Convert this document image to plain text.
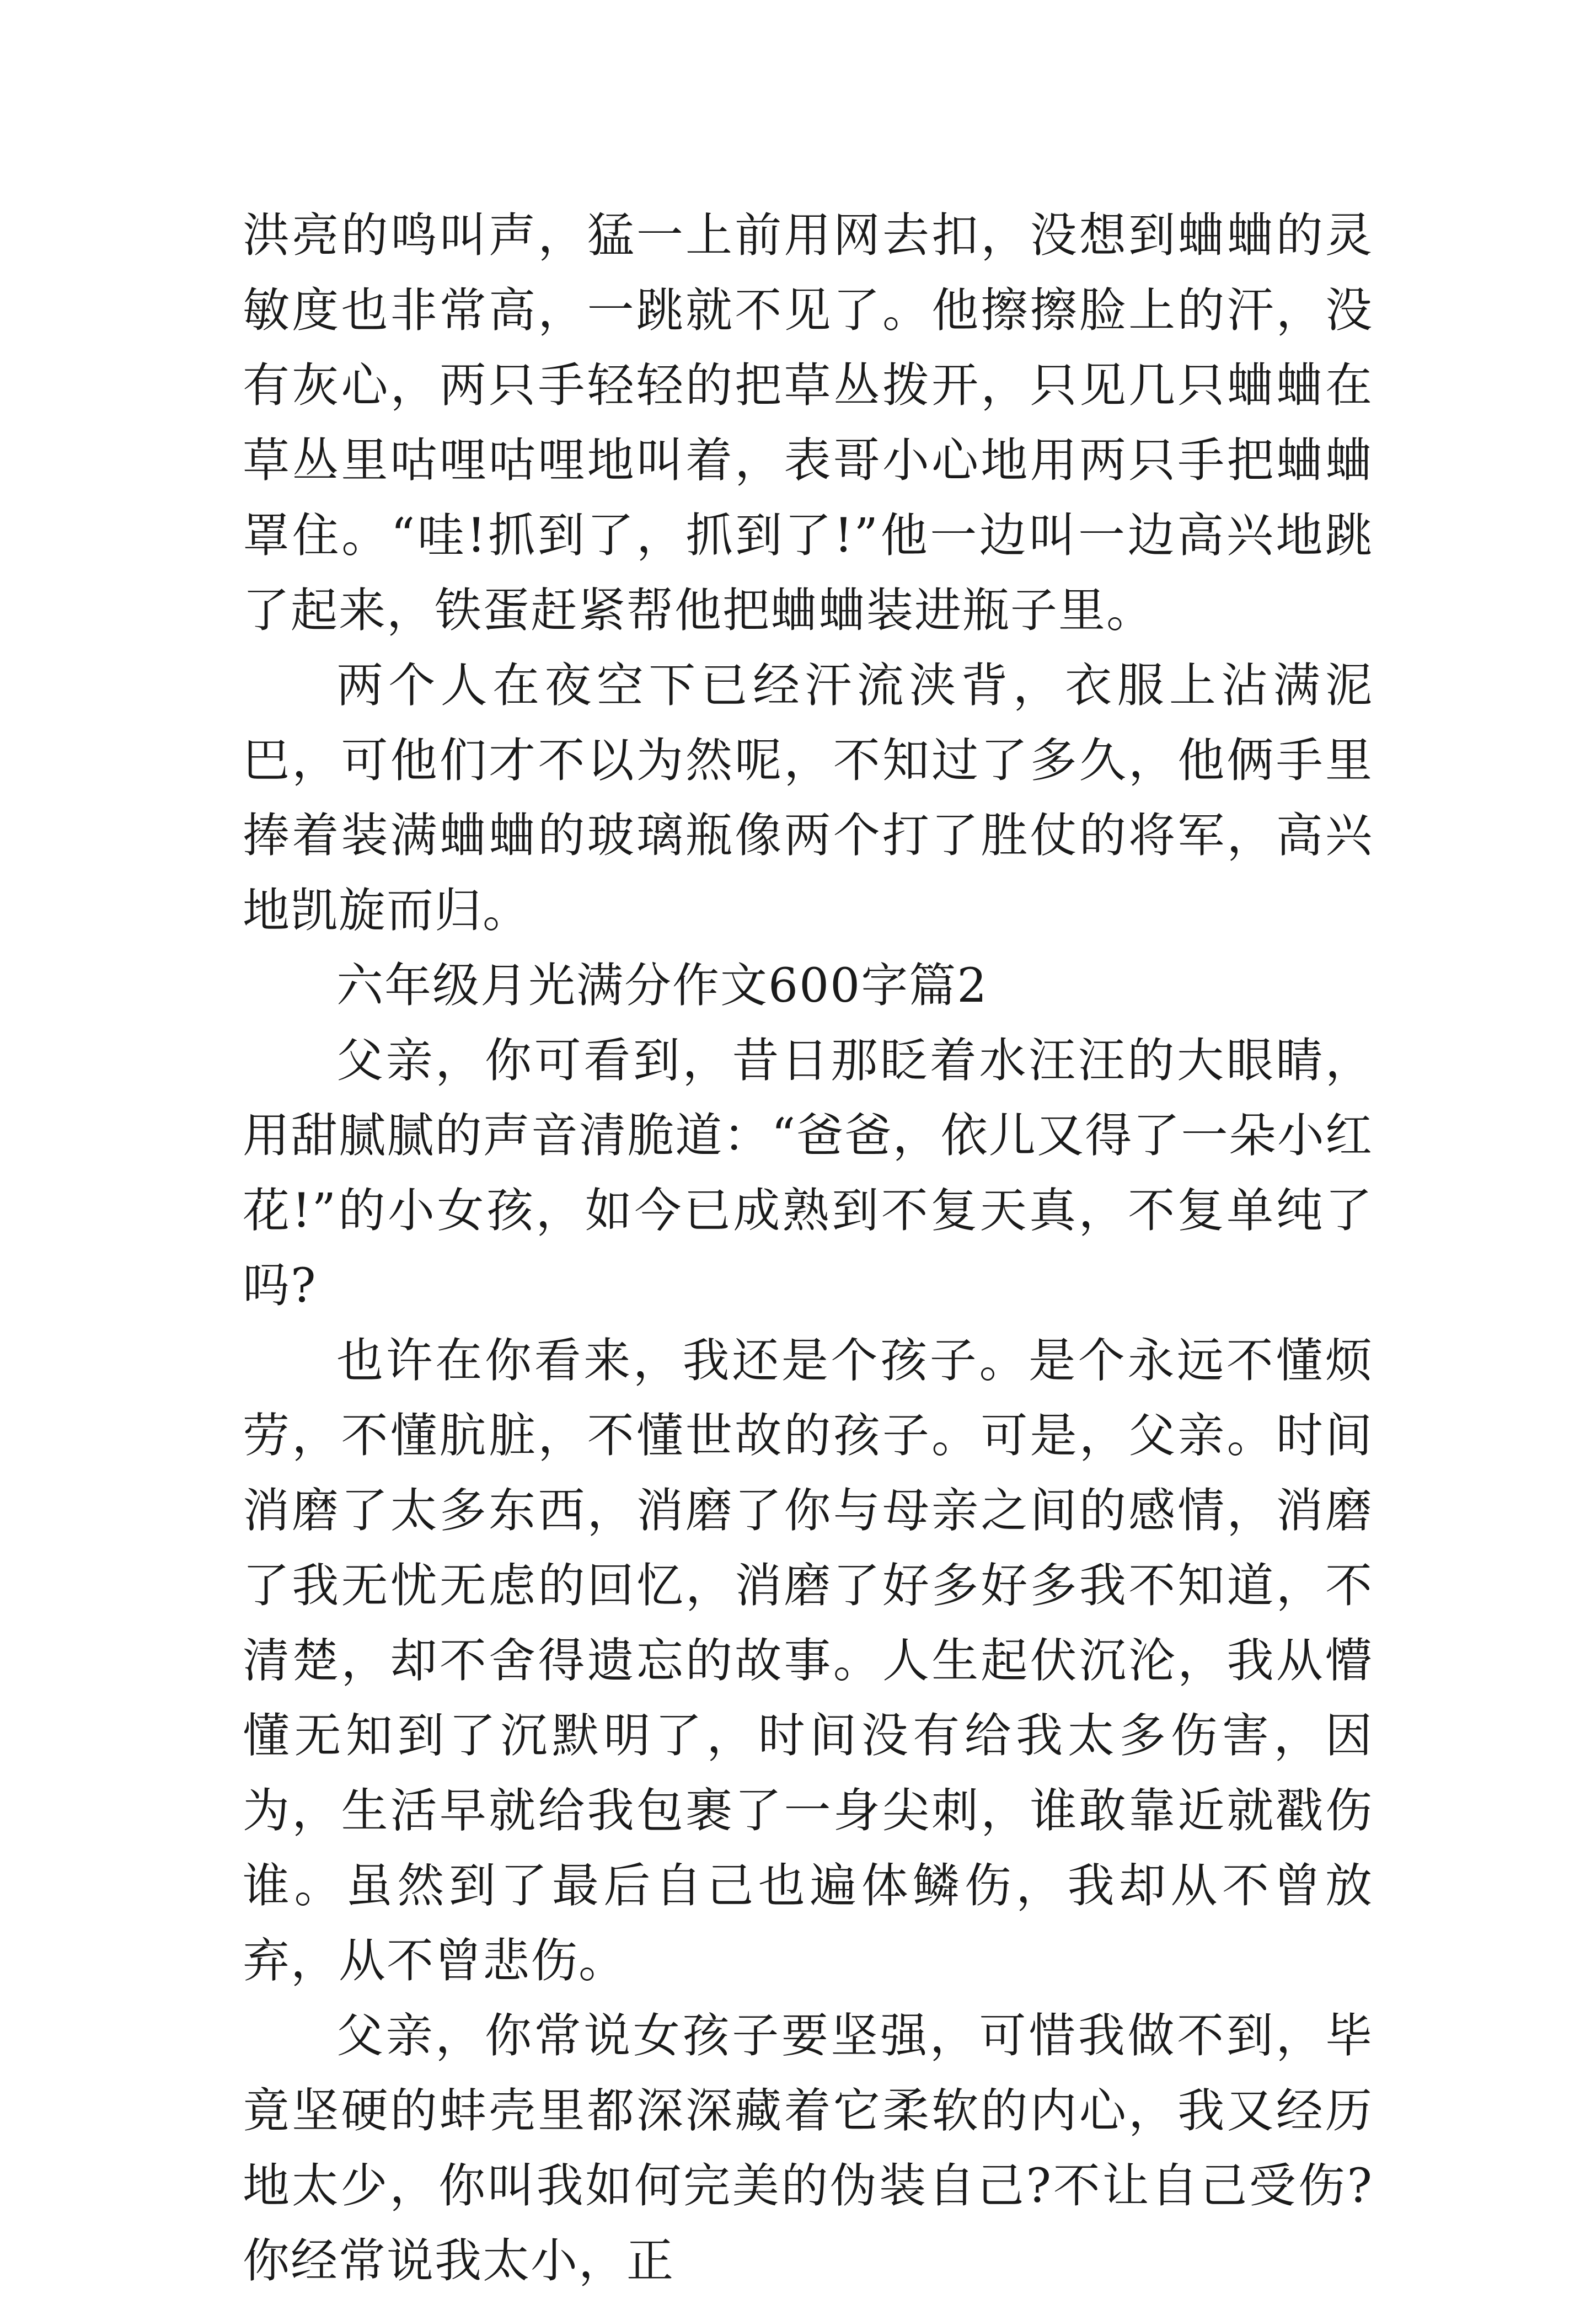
洪亮的鸣叫声，猛一上前用网去扣，没想到蛐蛐的灵敏度也非常高，一跳就不见了。他擦擦脸上的汗，没有灰心，两只手轻轻的把草丛拨开，只见几只蛐蛐在草丛里咕哩咕哩地叫着，表哥小心地用两只手把蛐蛐罩住。“哇!抓到了，抓到了!”他一边叫一边高兴地跳了起来，铁蛋赶紧帮他把蛐蛐装进瓶子里。

两个人在夜空下已经汗流浃背，衣服上沾满泥巴，可他们才不以为然呢，不知过了多久，他俩手里捧着装满蛐蛐的玻璃瓶像两个打了胜仗的将军，高兴地凯旋而归。

六年级月光满分作文600字篇2

父亲，你可看到，昔日那眨着水汪汪的大眼睛，用甜腻腻的声音清脆道：“爸爸，依儿又得了一朵小红花!”的小女孩，如今已成熟到不复天真，不复单纯了吗?

也许在你看来，我还是个孩子。是个永远不懂烦劳，不懂肮脏，不懂世故的孩子。可是，父亲。时间消磨了太多东西，消磨了你与母亲之间的感情，消磨了我无忧无虑的回忆，消磨了好多好多我不知道，不清楚，却不舍得遗忘的故事。人生起伏沉沦，我从懵懂无知到了沉默明了，时间没有给我太多伤害，因为，生活早就给我包裹了一身尖刺，谁敢靠近就戳伤谁。虽然到了最后自己也遍体鳞伤，我却从不曾放弃，从不曾悲伤。

父亲，你常说女孩子要坚强，可惜我做不到，毕竟坚硬的蚌壳里都深深藏着它柔软的内心，我又经历地太少，你叫我如何完美的伪装自己?不让自己受伤?你经常说我太小，正
